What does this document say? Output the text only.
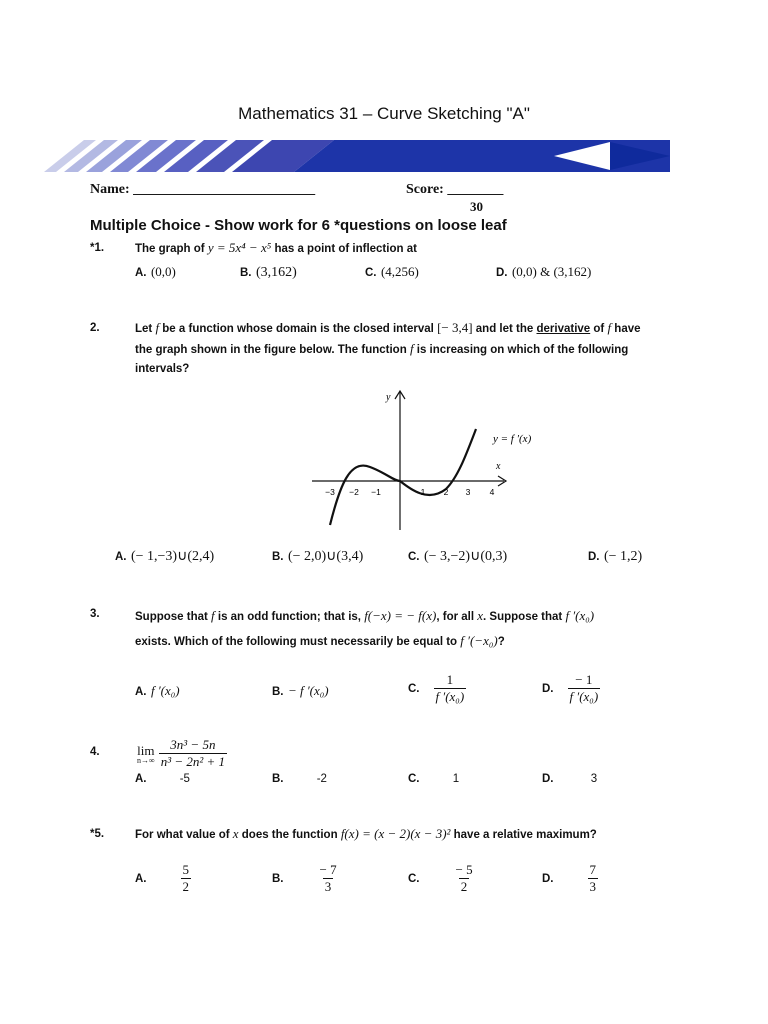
Mathematics 31 – Curve Sketching "A"
Name: __________________________	Score: ________
30
Multiple Choice - Show work for 6 *questions on loose leaf
*1.	The graph of y = 5x⁴ − x⁵ has a point of inflection at
A. (0,0)	B. (3,162)	C. (4,256)	D. (0,0) & (3,162)
2.	Let f be a function whose domain is the closed interval [− 3,4] and let the derivative of f have
the graph shown in the figure below. The function f is increasing on which of the following
intervals?
y
x
y = f ′(x)
−3 −2 −1	1 2 3 4
A. (− 1,−3)∪(2,4)	B. (− 2,0)∪(3,4)	C. (− 3,−2)∪(0,3)	D. (− 1,2)
3.	Suppose that f is an odd function; that is, f(−x) = − f(x), for all x. Suppose that f ′(x₀)
exists. Which of the following must necessarily be equal to f ′(−x₀)?
A. f ′(x₀)	B. − f ′(x₀)	C. $\frac{1}{\text{f ′(x₀)}}$	D. $\frac{- 1}{\text{f ′(x₀)}}$
4.	lim
$n\to\infty \frac{\text{3n³ − 5n}}{\text{n³ − 2n² + 1}}$
A.	-5	B.	-2	C.	1	D.	3
*5.	For what value of x does the function f(x) = (x − 2)(x − 3)² have a relative maximum?
A.	$\frac{5}{2}$	B.	$\frac{- 7}{3}$	C.	$\frac{- 5}{2}$	D.	$\frac{7}{3}$
